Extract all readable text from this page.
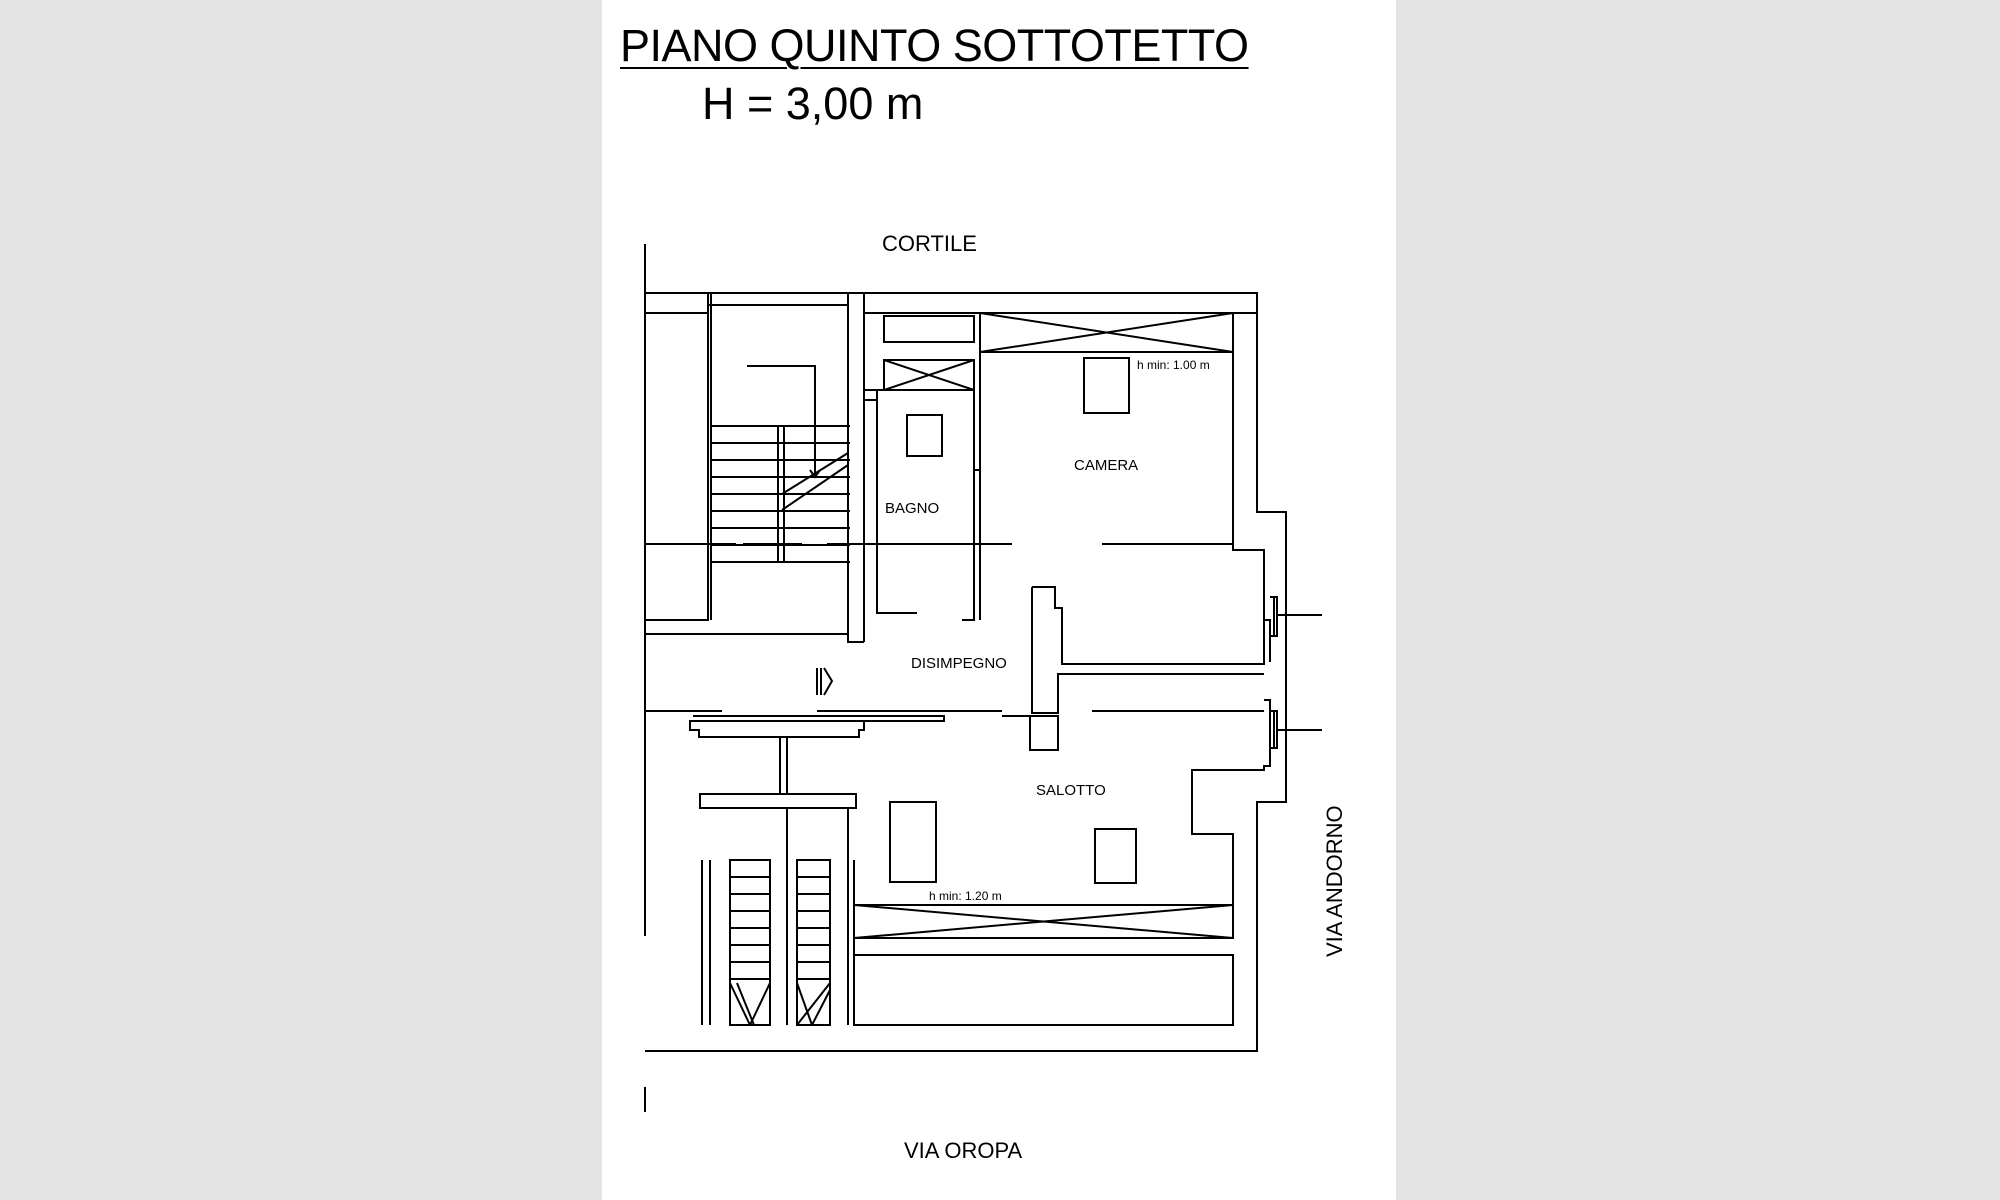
PIANO QUINTO SOTTOTETTO
H = 3,00 m
CORTILE
VIA OROPA
VIA ANDORNO
BAGNO
CAMERA
DISIMPEGNO
SALOTTO
h min: 1.00 m
h min: 1.20 m
